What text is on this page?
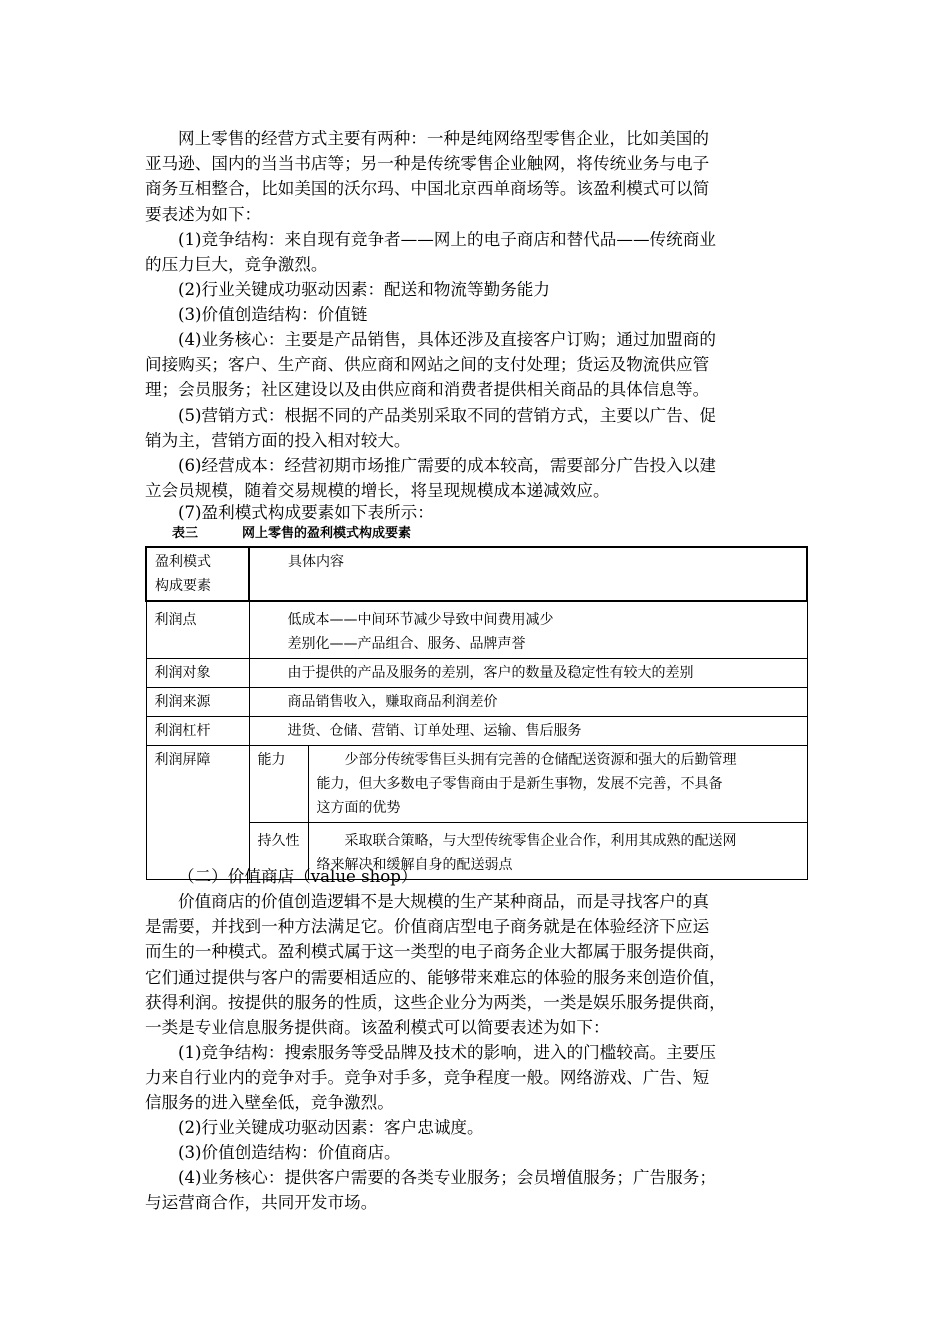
网上零售的经营方式主要有两种：一种是纯网络型零售企业，比如美国的
亚马逊、国内的当当书店等；另一种是传统零售企业触网，将传统业务与电子
商务互相整合，比如美国的沃尔玛、中国北京西单商场等。该盈利模式可以简
要表述为如下：

(1)竞争结构：来自现有竞争者——网上的电子商店和替代品——传统商业
的压力巨大，竞争激烈。

(2)行业关键成功驱动因素：配送和物流等勤务能力

(3)价值创造结构：价值链

(4)业务核心：主要是产品销售，具体还涉及直接客户订购；通过加盟商的
间接购买；客户、生产商、供应商和网站之间的支付处理；货运及物流供应管
理；会员服务；社区建设以及由供应商和消费者提供相关商品的具体信息等。

(5)营销方式：根据不同的产品类别采取不同的营销方式，主要以广告、促
销为主，营销方面的投入相对较大。

(6)经营成本：经营初期市场推广需要的成本较高，需要部分广告投入以建
立会员规模，随着交易规模的增长，将呈现规模成本递减效应。

(7)盈利模式构成要素如下表所示：

表三	网上零售的盈利模式构成要素
盈利模式
构成要素	具体内容	
利润点	低成本——中间环节减少导致中间费用减少
差别化——产品组合、服务、品牌声誉	

利润对象	由于提供的产品及服务的差别，客户的数量及稳定性有较大的差别	
利润来源	商品销售收入，赚取商品利润差价	
利润杠杆	进货、仓储、营销、订单处理、运输、售后服务	
利润屏障	能力	少部分传统零售巨头拥有完善的仓储配送资源和强大的后勤管理
能力，但大多数电子零售商由于是新生事物，发展不完善，不具备
这方面的优势

	持久性	采取联合策略，与大型传统零售企业合作，利用其成熟的配送网
络来解决和缓解自身的配送弱点

（二）价值商店（value shop）

价值商店的价值创造逻辑不是大规模的生产某种商品，而是寻找客户的真
是需要，并找到一种方法满足它。价值商店型电子商务就是在体验经济下应运
而生的一种模式。盈利模式属于这一类型的电子商务企业大都属于服务提供商，
它们通过提供与客户的需要相适应的、能够带来难忘的体验的服务来创造价值，
获得利润。按提供的服务的性质，这些企业分为两类，一类是娱乐服务提供商，
一类是专业信息服务提供商。该盈利模式可以简要表述为如下：

(1)竞争结构：搜索服务等受品牌及技术的影响，进入的门槛较高。主要压
力来自行业内的竞争对手。竞争对手多，竞争程度一般。网络游戏、广告、短
信服务的进入壁垒低，竞争激烈。

(2)行业关键成功驱动因素：客户忠诚度。

(3)价值创造结构：价值商店。

(4)业务核心：提供客户需要的各类专业服务；会员增值服务；广告服务；
与运营商合作，共同开发市场。
